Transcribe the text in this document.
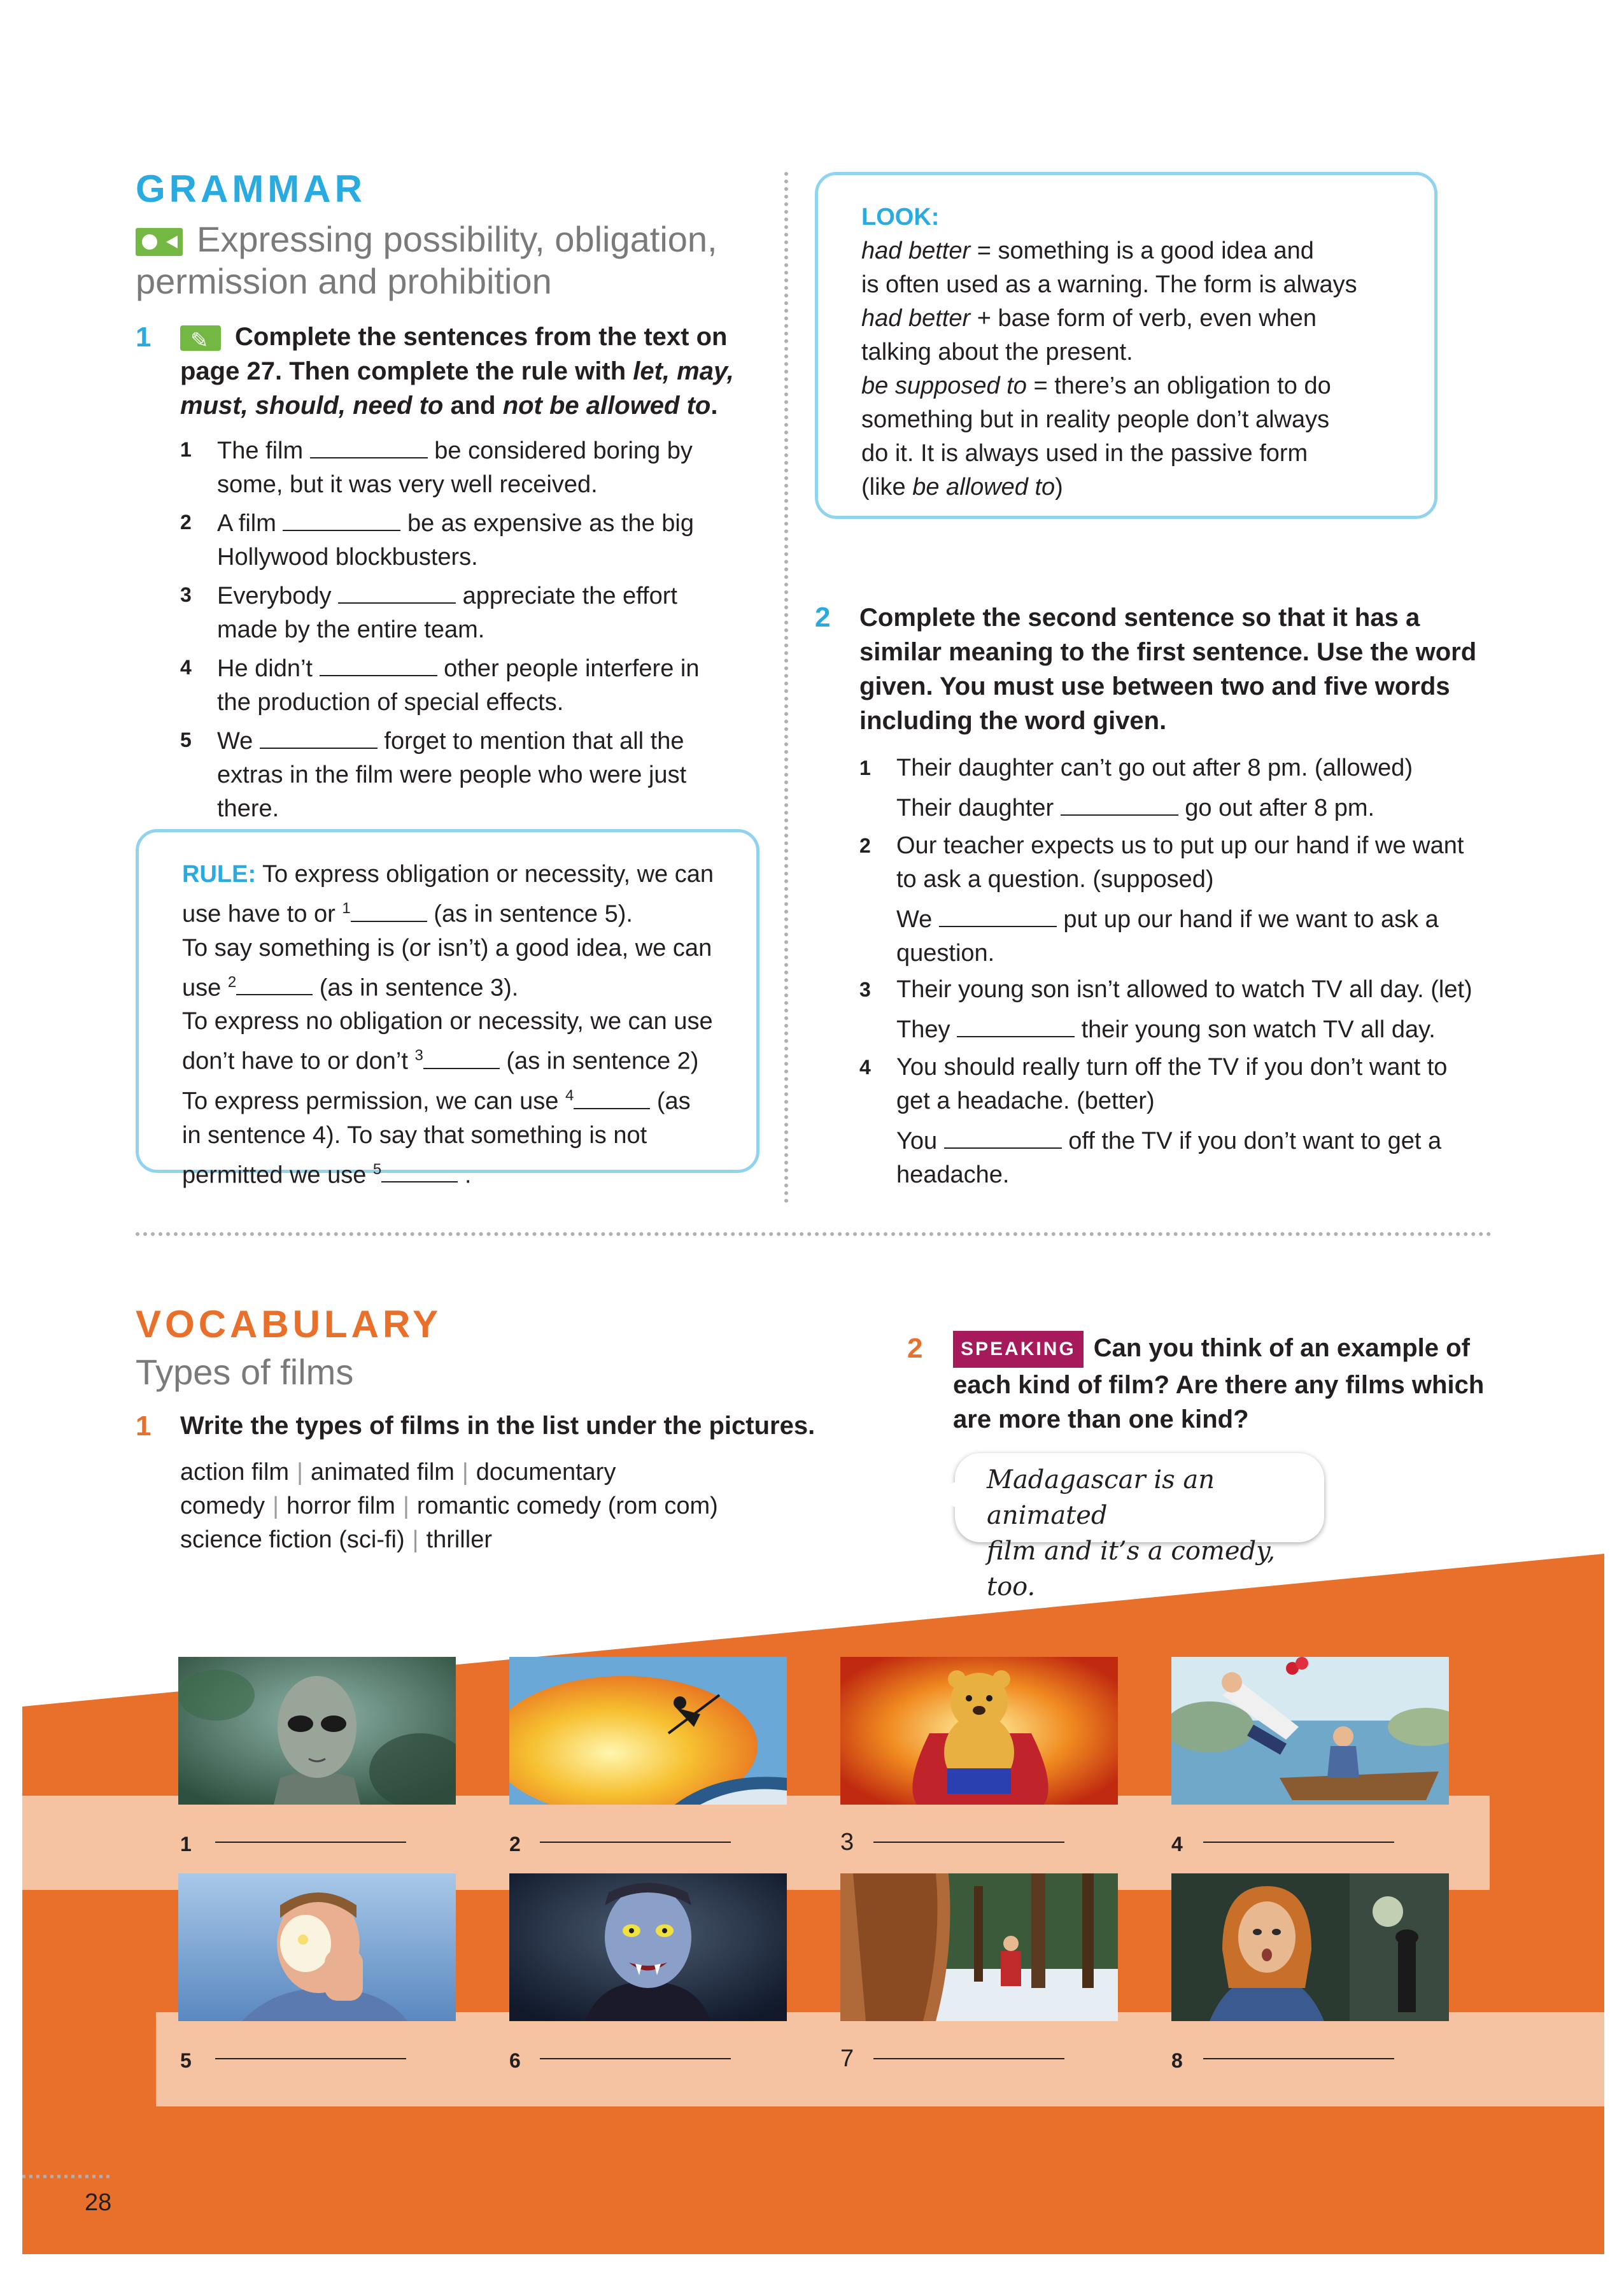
GRAMMAR
Expressing possibility, obligation,
permission and prohibition
1
✎	Complete the sentences from the text on
page 27. Then complete the rule with let, may,
must, should, need to and not be allowed to.
1 The film	be considered boring by
some, but it was very well received.
2 A film	be as expensive as the big
Hollywood blockbusters.
3 Everybody	appreciate the effort
made by the entire team.
4 He didn’t	other people interfere in
the production of special effects.
5 We	forget to mention that all the
extras in the film were people who were just
there.
RULE: To express obligation or necessity, we can
use have to or $^1$	(as in sentence 5).
To say something is (or isn’t) a good idea, we can
use $^2$	(as in sentence 3).
To express no obligation or necessity, we can use
don’t have to or don’t $^3$	(as in sentence 2)
To express permission, we can use $^4$	(as
in sentence 4). To say that something is not
permitted we use $^5$	.
LOOK:
had better = something is a good idea and
is often used as a warning. The form is always
had better + base form of verb, even when
talking about the present.
be supposed to = there’s an obligation to do
something but in reality people don’t always
do it. It is always used in the passive form
(like be allowed to)
2 Complete the second sentence so that it has a
similar meaning to the first sentence. Use the word
given. You must use between two and five words
including the word given.
1 Their daughter can’t go out after 8 pm. (allowed)
Their daughter	go out after 8 pm.
2 Our teacher expects us to put up our hand if we want
to ask a question. (supposed)
We	put up our hand if we want to ask a
question.
3 Their young son isn’t allowed to watch TV all day. (let)
They	their young son watch TV all day.
4 You should really turn off the TV if you don’t want to
get a headache. (better)
You	off the TV if you don’t want to get a
headache.
VOCABULARY
Types of films
1 Write the types of films in the list under the pictures.
action film | animated film | documentary
comedy | horror film | romantic comedy (rom com)
science fiction (sci-fi) | thriller
2	SPEAKING Can you think of an example of
each kind of film? Are there any films which
are more than one kind?
Madagascar is an animated
film and it’s a comedy, too.
1	2	3	4
5	6	7	8
28
